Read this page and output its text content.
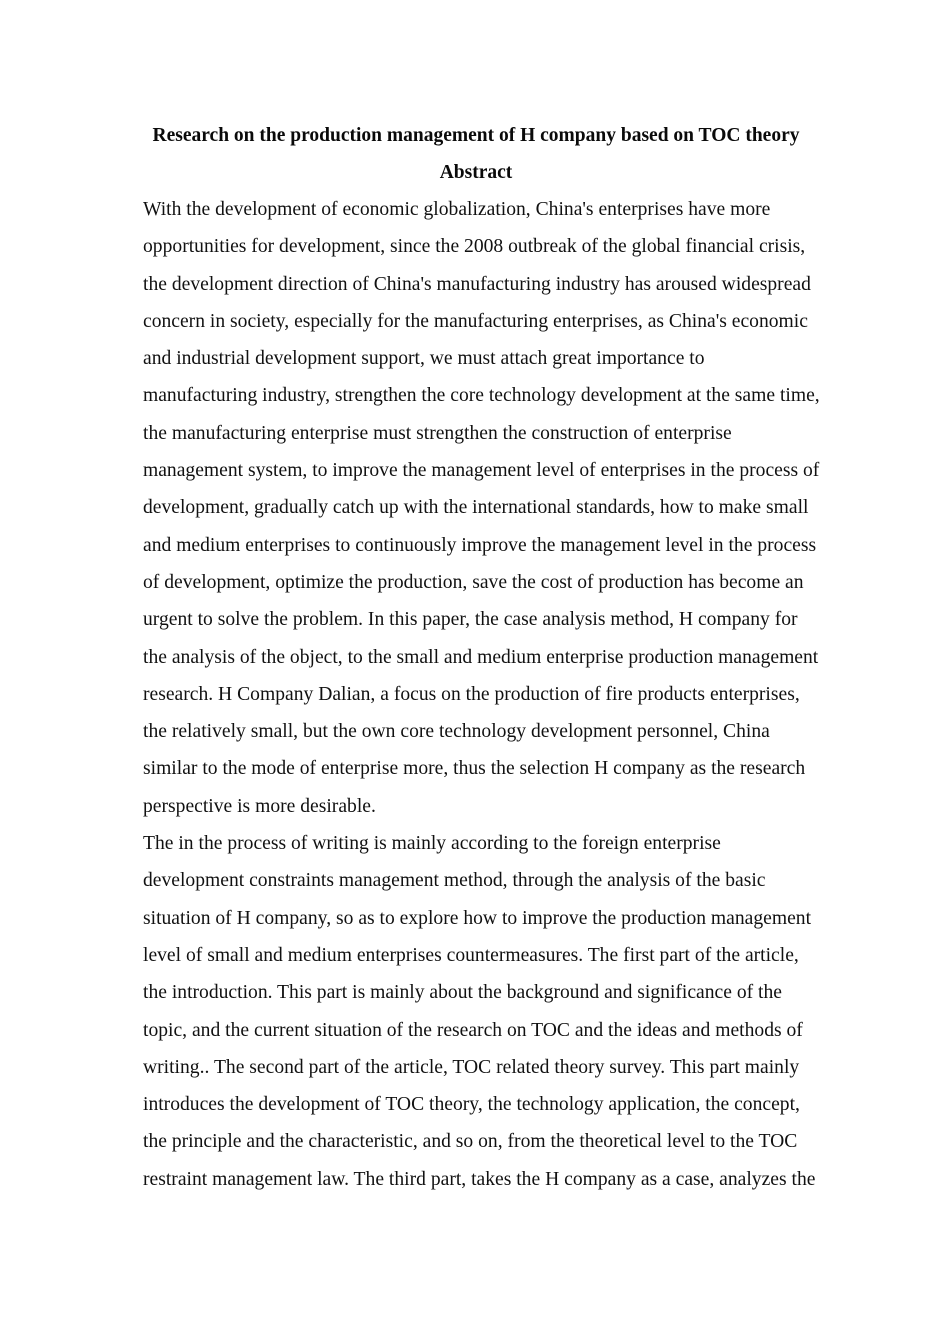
Research on the production management of H company based on TOC theory
Abstract
With the development of economic globalization, China's enterprises have more
opportunities for development, since the 2008 outbreak of the global financial crisis,
the development direction of China's manufacturing industry has aroused widespread
concern in society, especially for the manufacturing enterprises, as China's economic
and industrial development support, we must attach great importance to
manufacturing industry, strengthen the core technology development at the same time,
the manufacturing enterprise must strengthen the construction of enterprise
management system, to improve the management level of enterprises in the process of
development, gradually catch up with the international standards, how to make small
and medium enterprises to continuously improve the management level in the process
of development, optimize the production, save the cost of production has become an
urgent to solve the problem. In this paper, the case analysis method, H company for
the analysis of the object, to the small and medium enterprise production management
research. H Company Dalian, a focus on the production of fire products enterprises,
the relatively small, but the own core technology development personnel, China
similar to the mode of enterprise more, thus the selection H company as the research
perspective is more desirable.
The in the process of writing is mainly according to the foreign enterprise
development constraints management method, through the analysis of the basic
situation of H company, so as to explore how to improve the production management
level of small and medium enterprises countermeasures. The first part of the article,
the introduction. This part is mainly about the background and significance of the
topic, and the current situation of the research on TOC and the ideas and methods of
writing.. The second part of the article, TOC related theory survey. This part mainly
introduces the development of TOC theory, the technology application, the concept,
the principle and the characteristic, and so on, from the theoretical level to the TOC
restraint management law. The third part, takes the H company as a case, analyzes the
